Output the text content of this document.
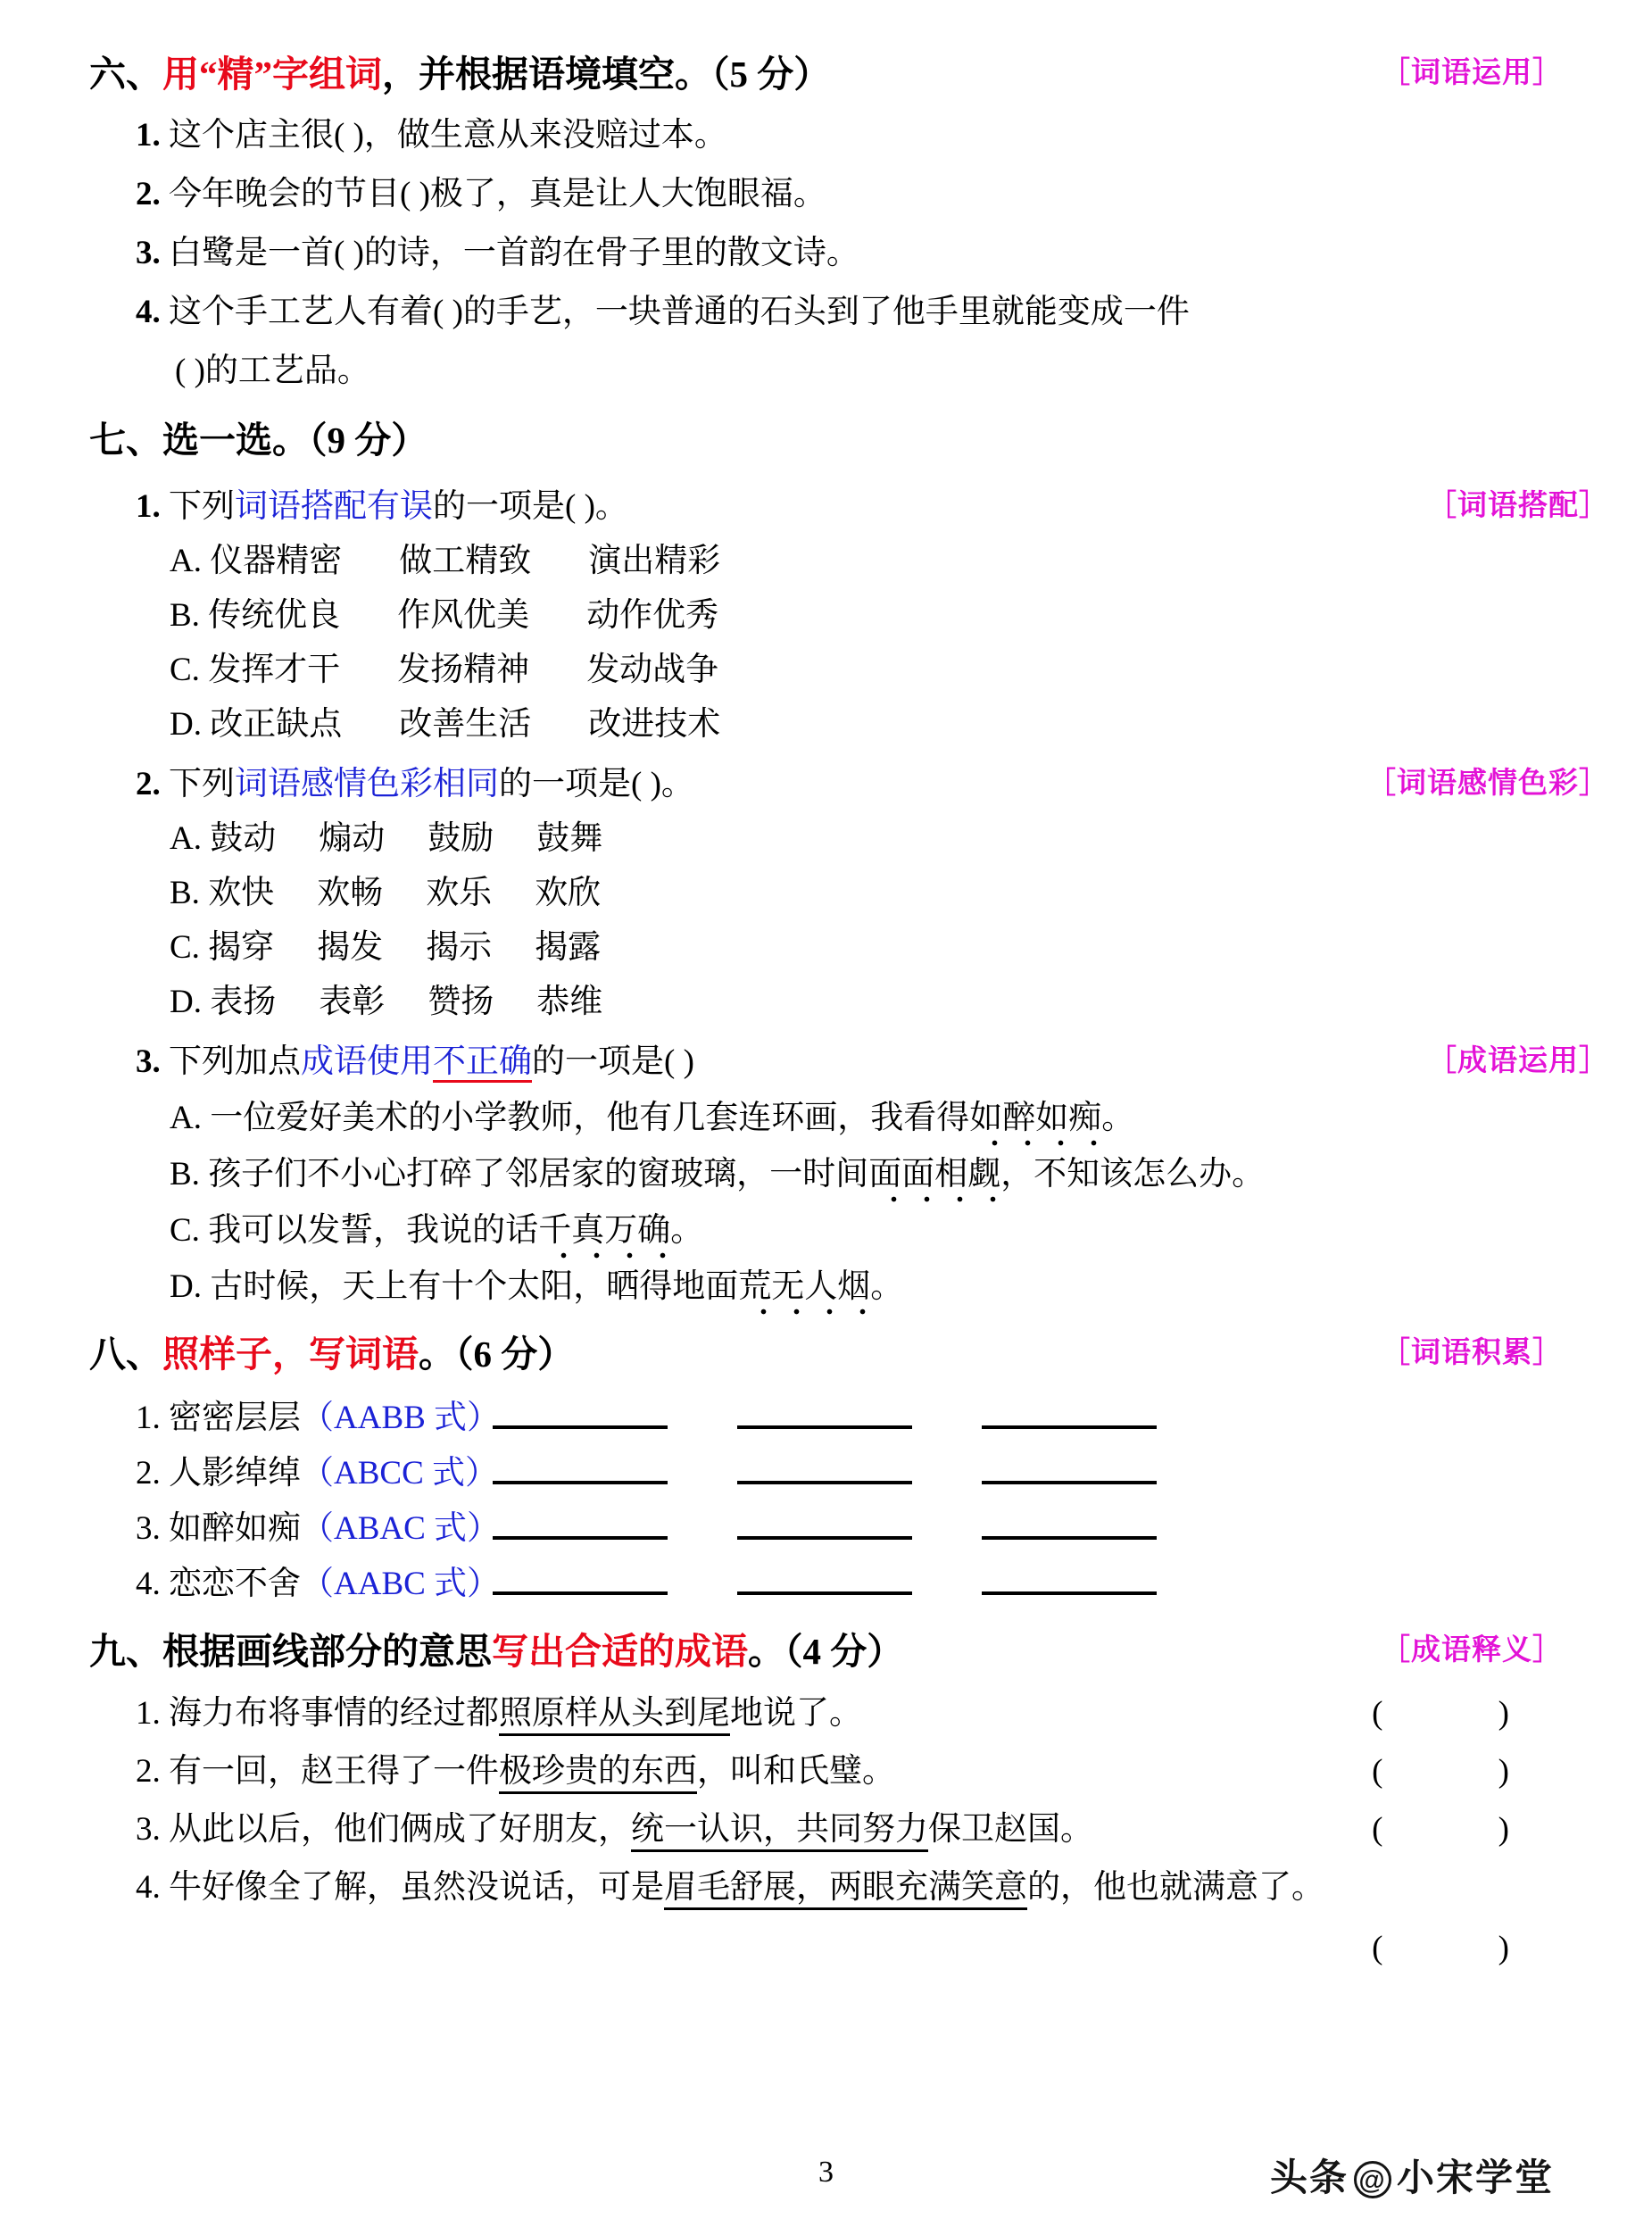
六、用“精”字组词，并根据语境填空。（5 分）	［词语运用］
1. 这个店主很( )，做生意从来没赔过本。
2. 今年晚会的节目( )极了，真是让人大饱眼福。
3. 白鹭是一首( )的诗，一首韵在骨子里的散文诗。
4. 这个手工艺人有着( )的手艺，一块普通的石头到了他手里就能变成一件
( )的工艺品。
七、选一选。（9 分）
1. 下列词语搭配有误的一项是( )。	［词语搭配］
A. 仪器精密 做工精致 演出精彩
B. 传统优良 作风优美 动作优秀
C. 发挥才干 发扬精神 发动战争
D. 改正缺点 改善生活 改进技术
2. 下列词语感情色彩相同的一项是( )。	［词语感情色彩］
A. 鼓动 煽动 鼓励 鼓舞
B. 欢快 欢畅 欢乐 欢欣
C. 揭穿 揭发 揭示 揭露
D. 表扬 表彰 赞扬 恭维
3. 下列加点成语使用不正确的一项是( )	［成语运用］
A. 一位爱好美术的小学教师，他有几套连环画，我看得如醉如痴。
B. 孩子们不小心打碎了邻居家的窗玻璃，一时间面面相觑，不知该怎么办。
C. 我可以发誓，我说的话千真万确。
D. 古时候，天上有十个太阳，晒得地面荒无人烟。
八、照样子，写词语。（6 分）	［词语积累］
1. 密密层层（AABB 式）
2. 人影绰绰（ABCC 式）
3. 如醉如痴（ABAC 式）
4. 恋恋不舍（AABC 式）
九、根据画线部分的意思写出合适的成语。（4 分）	［成语释义］
1. 海力布将事情的经过都照原样从头到尾地说了。	( )
2. 有一回，赵王得了一件极珍贵的东西，叫和氏璧。	( )
3. 从此以后，他们俩成了好朋友，统一认识，共同努力保卫赵国。	( )
4. 牛好像全了解，虽然没说话，可是眉毛舒展，两眼充满笑意的，他也就满意了。
( )
3	头条 @ 小宋学堂
